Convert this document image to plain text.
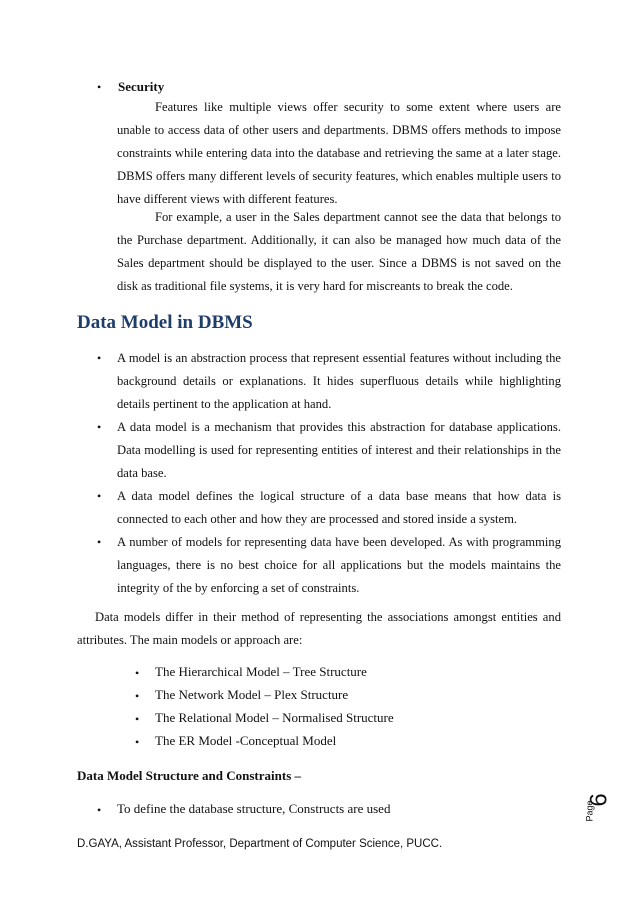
• Security

Features like multiple views offer security to some extent where users are unable to access data of other users and departments. DBMS offers methods to impose constraints while entering data into the database and retrieving the same at a later stage. DBMS offers many different levels of security features, which enables multiple users to have different views with different features.

For example, a user in the Sales department cannot see the data that belongs to the Purchase department. Additionally, it can also be managed how much data of the Sales department should be displayed to the user. Since a DBMS is not saved on the disk as traditional file systems, it is very hard for miscreants to break the code.

Data Model in DBMS
• A model is an abstraction process that represent essential features without including the background details or explanations. It hides superfluous details while highlighting details pertinent to the application at hand.

• A data model is a mechanism that provides this abstraction for database applications. Data modelling is used for representing entities of interest and their relationships in the data base.

• A data model defines the logical structure of a data base means that how data is connected to each other and how they are processed and stored inside a system.

• A number of models for representing data have been developed. As with programming languages, there is no best choice for all applications but the models maintains the integrity of the by enforcing a set of constraints.

Data models differ in their method of representing the associations amongst entities and attributes. The main models or approach are:

• The Hierarchical Model – Tree Structure
• The Network Model – Plex Structure
• The Relational Model – Normalised Structure
• The ER Model -Conceptual Model
Data Model Structure and Constraints –
• To define the database structure, Constructs are used	Page
6
D.GAYA, Assistant Professor, Department of Computer Science, PUCC.
